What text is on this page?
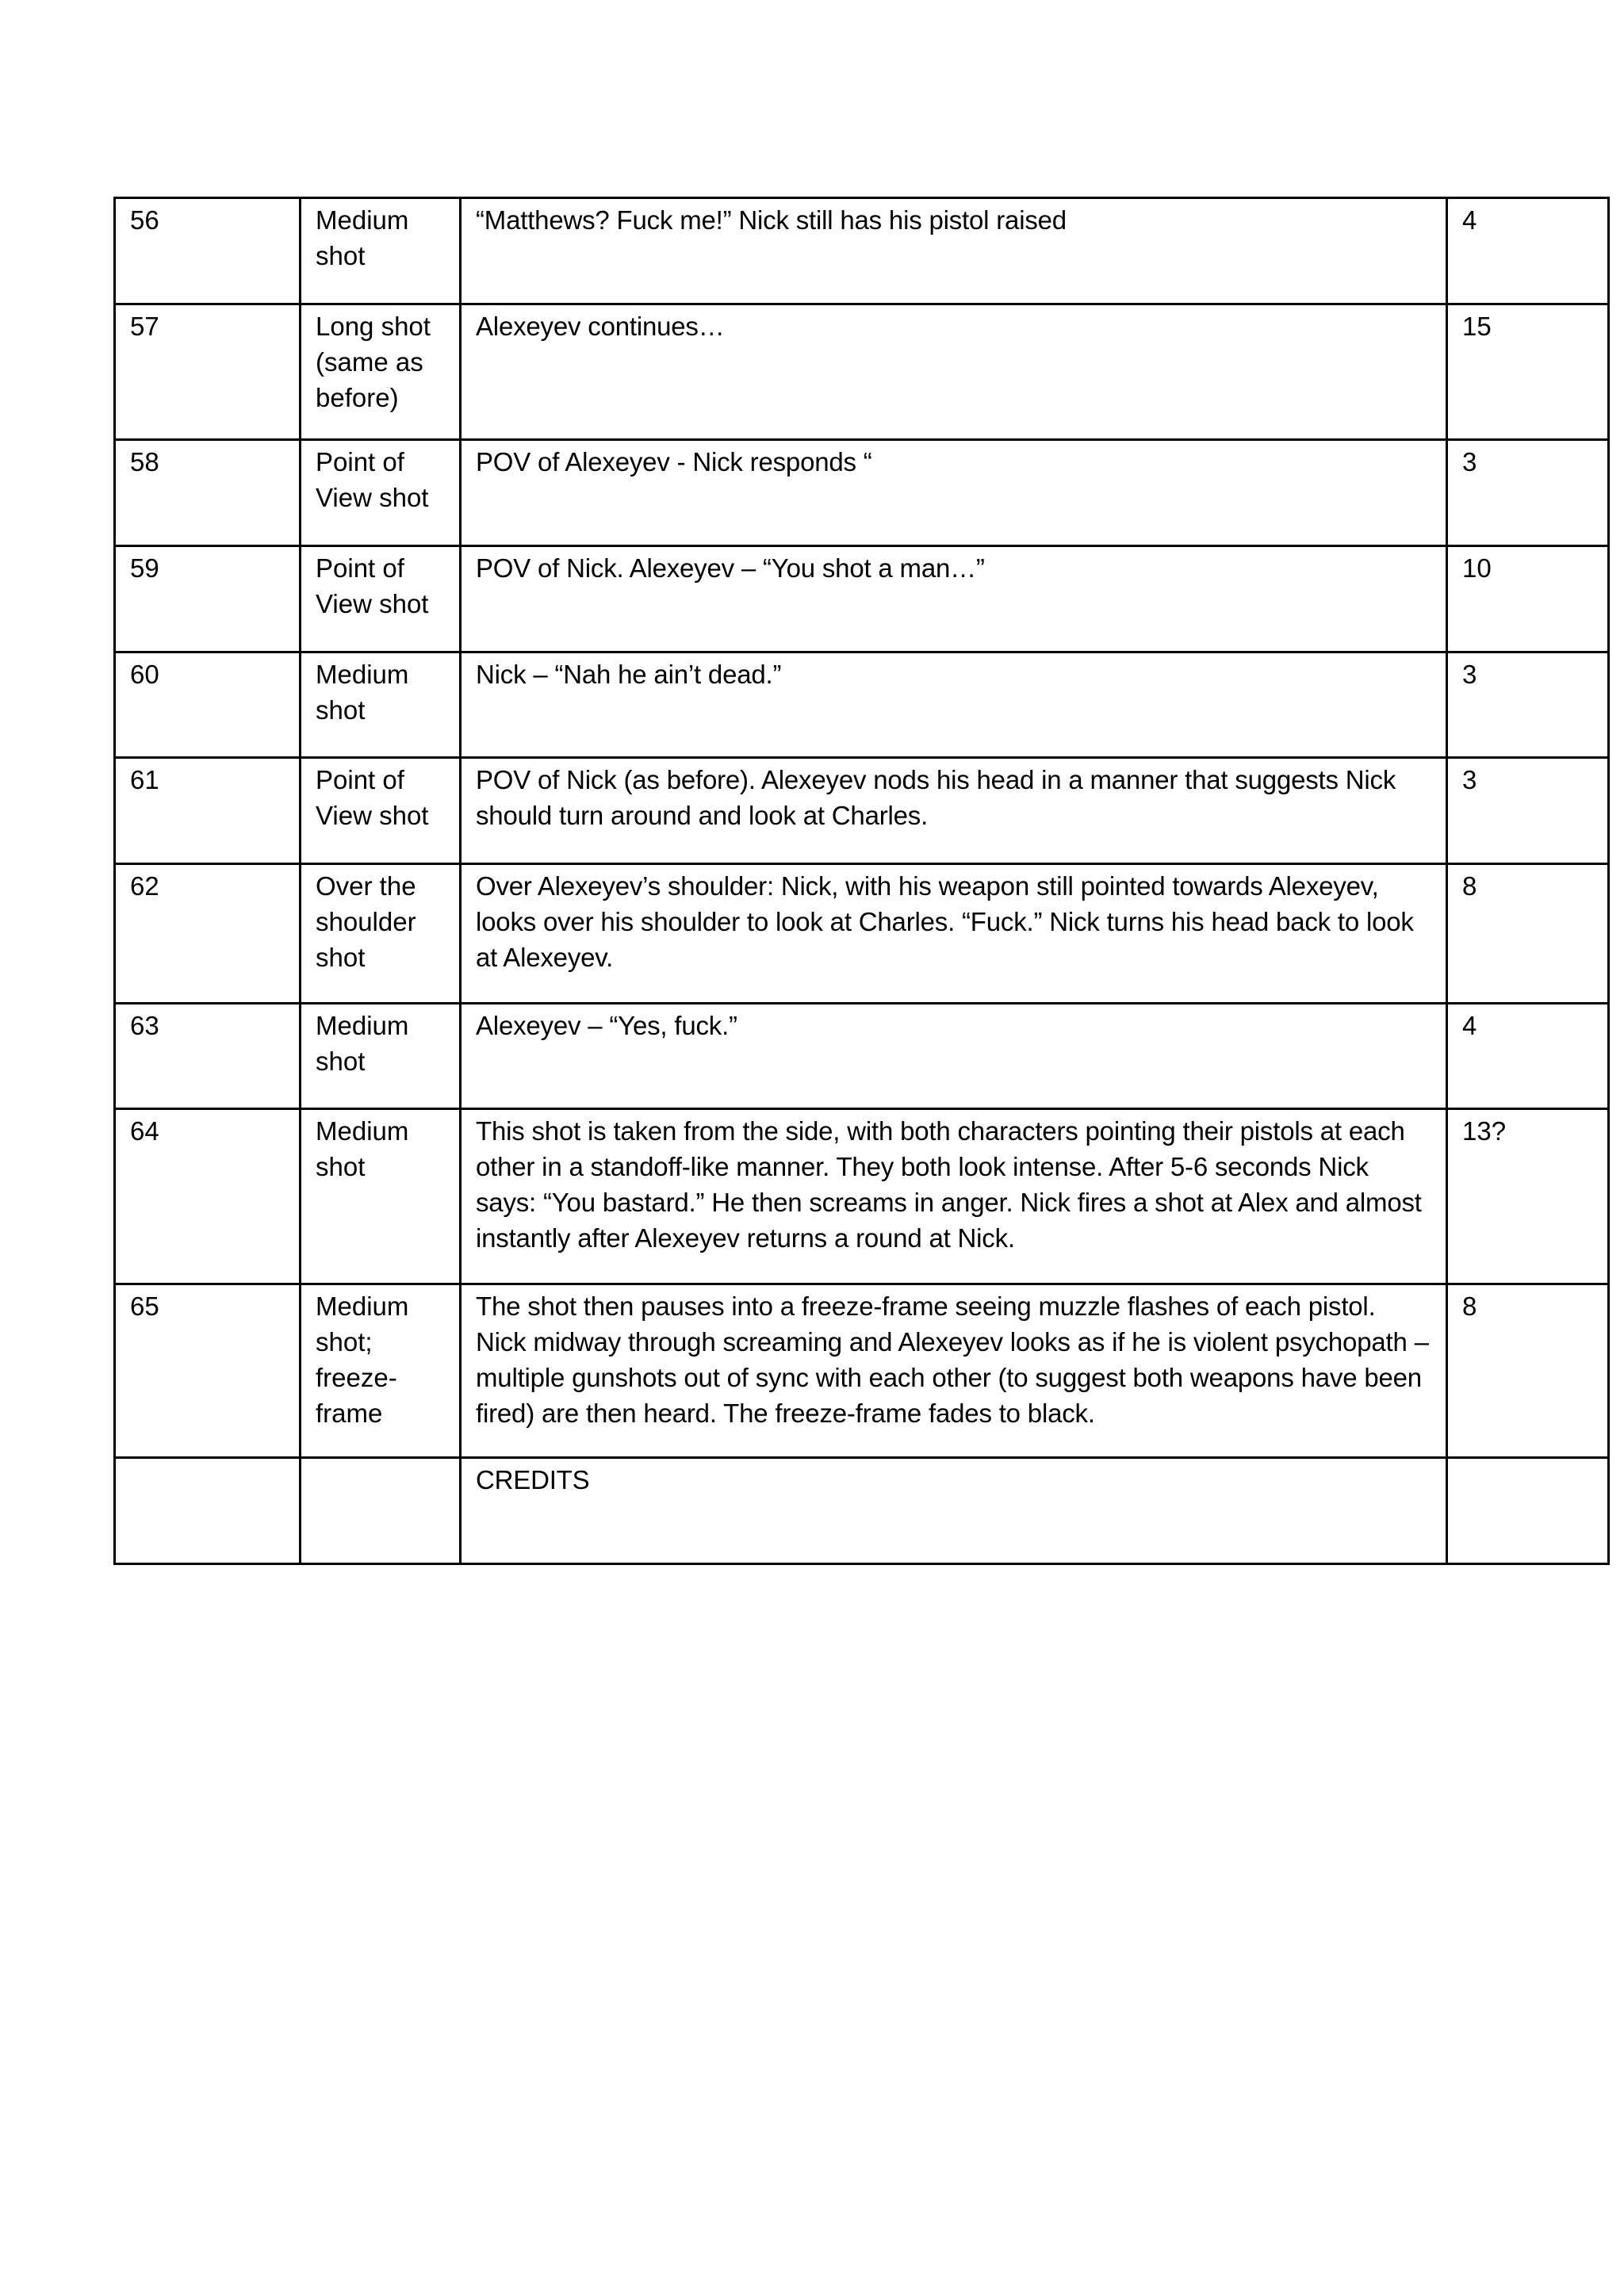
56	Medium shot	“Matthews? Fuck me!” Nick still has his pistol raised	4
57	Long shot (same as before)	Alexeyev continues…	15
58	Point of View shot	POV of Alexeyev - Nick responds “	3
59	Point of View shot	POV of Nick. Alexeyev – “You shot a man…”	10
60	Medium shot	Nick – “Nah he ain’t dead.”	3
61	Point of View shot	POV of Nick (as before). Alexeyev nods his head in a manner that suggests Nick should turn around and look at Charles.	3
62	Over the shoulder shot	Over Alexeyev’s shoulder: Nick, with his weapon still pointed towards Alexeyev, looks over his shoulder to look at Charles. “Fuck.” Nick turns his head back to look at Alexeyev.	8
63	Medium shot	Alexeyev – “Yes, fuck.”	4
64	Medium shot	This shot is taken from the side, with both characters pointing their pistols at each other in a standoff-like manner. They both look intense. After 5-6 seconds Nick says: “You bastard.” He then screams in anger. Nick fires a shot at Alex and almost instantly after Alexeyev returns a round at Nick.	13?
65	Medium shot; freeze-frame	The shot then pauses into a freeze-frame seeing muzzle flashes of each pistol. Nick midway through screaming and Alexeyev looks as if he is violent psychopath – multiple gunshots out of sync with each other (to suggest both weapons have been fired) are then heard. The freeze-frame fades to black.	8
		CREDITS	
